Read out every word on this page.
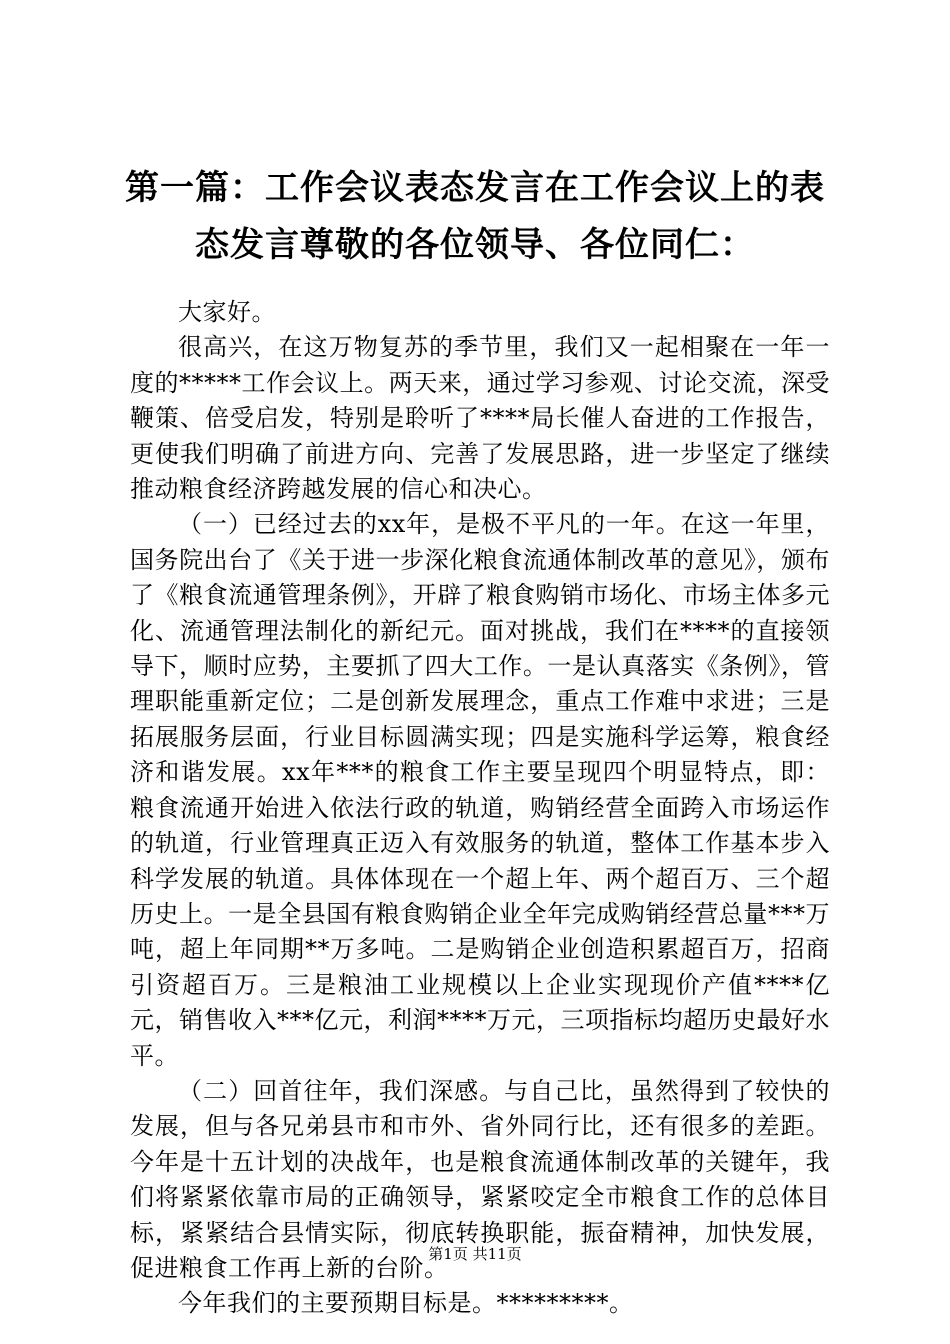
第一篇：工作会议表态发言在工作会议上的表态发言尊敬的各位领导、各位同仁：

大家好。

很高兴，在这万物复苏的季节里，我们又一起相聚在一年一度的*****工作会议上。两天来，通过学习参观、讨论交流，深受鞭策、倍受启发，特别是聆听了****局长催人奋进的工作报告，更使我们明确了前进方向、完善了发展思路，进一步坚定了继续推动粮食经济跨越发展的信心和决心。

（一）已经过去的xx年，是极不平凡的一年。在这一年里，国务院出台了《关于进一步深化粮食流通体制改革的意见》，颁布了《粮食流通管理条例》，开辟了粮食购销市场化、市场主体多元化、流通管理法制化的新纪元。面对挑战，我们在****的直接领导下，顺时应势，主要抓了四大工作。一是认真落实《条例》，管理职能重新定位；二是创新发展理念，重点工作难中求进；三是拓展服务层面，行业目标圆满实现；四是实施科学运筹，粮食经济和谐发展。xx年***的粮食工作主要呈现四个明显特点，即：粮食流通开始进入依法行政的轨道，购销经营全面跨入市场运作的轨道，行业管理真正迈入有效服务的轨道，整体工作基本步入科学发展的轨道。具体体现在一个超上年、两个超百万、三个超历史上。一是全县国有粮食购销企业全年完成购销经营总量***万吨，超上年同期**万多吨。二是购销企业创造积累超百万，招商引资超百万。三是粮油工业规模以上企业实现现价产值****亿元，销售收入***亿元，利润****万元，三项指标均超历史最好水平。

（二）回首往年，我们深感。与自己比，虽然得到了较快的发展，但与各兄弟县市和市外、省外同行比，还有很多的差距。今年是十五计划的决战年，也是粮食流通体制改革的关键年，我们将紧紧依靠市局的正确领导，紧紧咬定全市粮食工作的总体目标，紧紧结合县情实际，彻底转换职能，振奋精神，加快发展，促进粮食工作再上新的台阶。

今年我们的主要预期目标是。*********。

第1页 共11页
